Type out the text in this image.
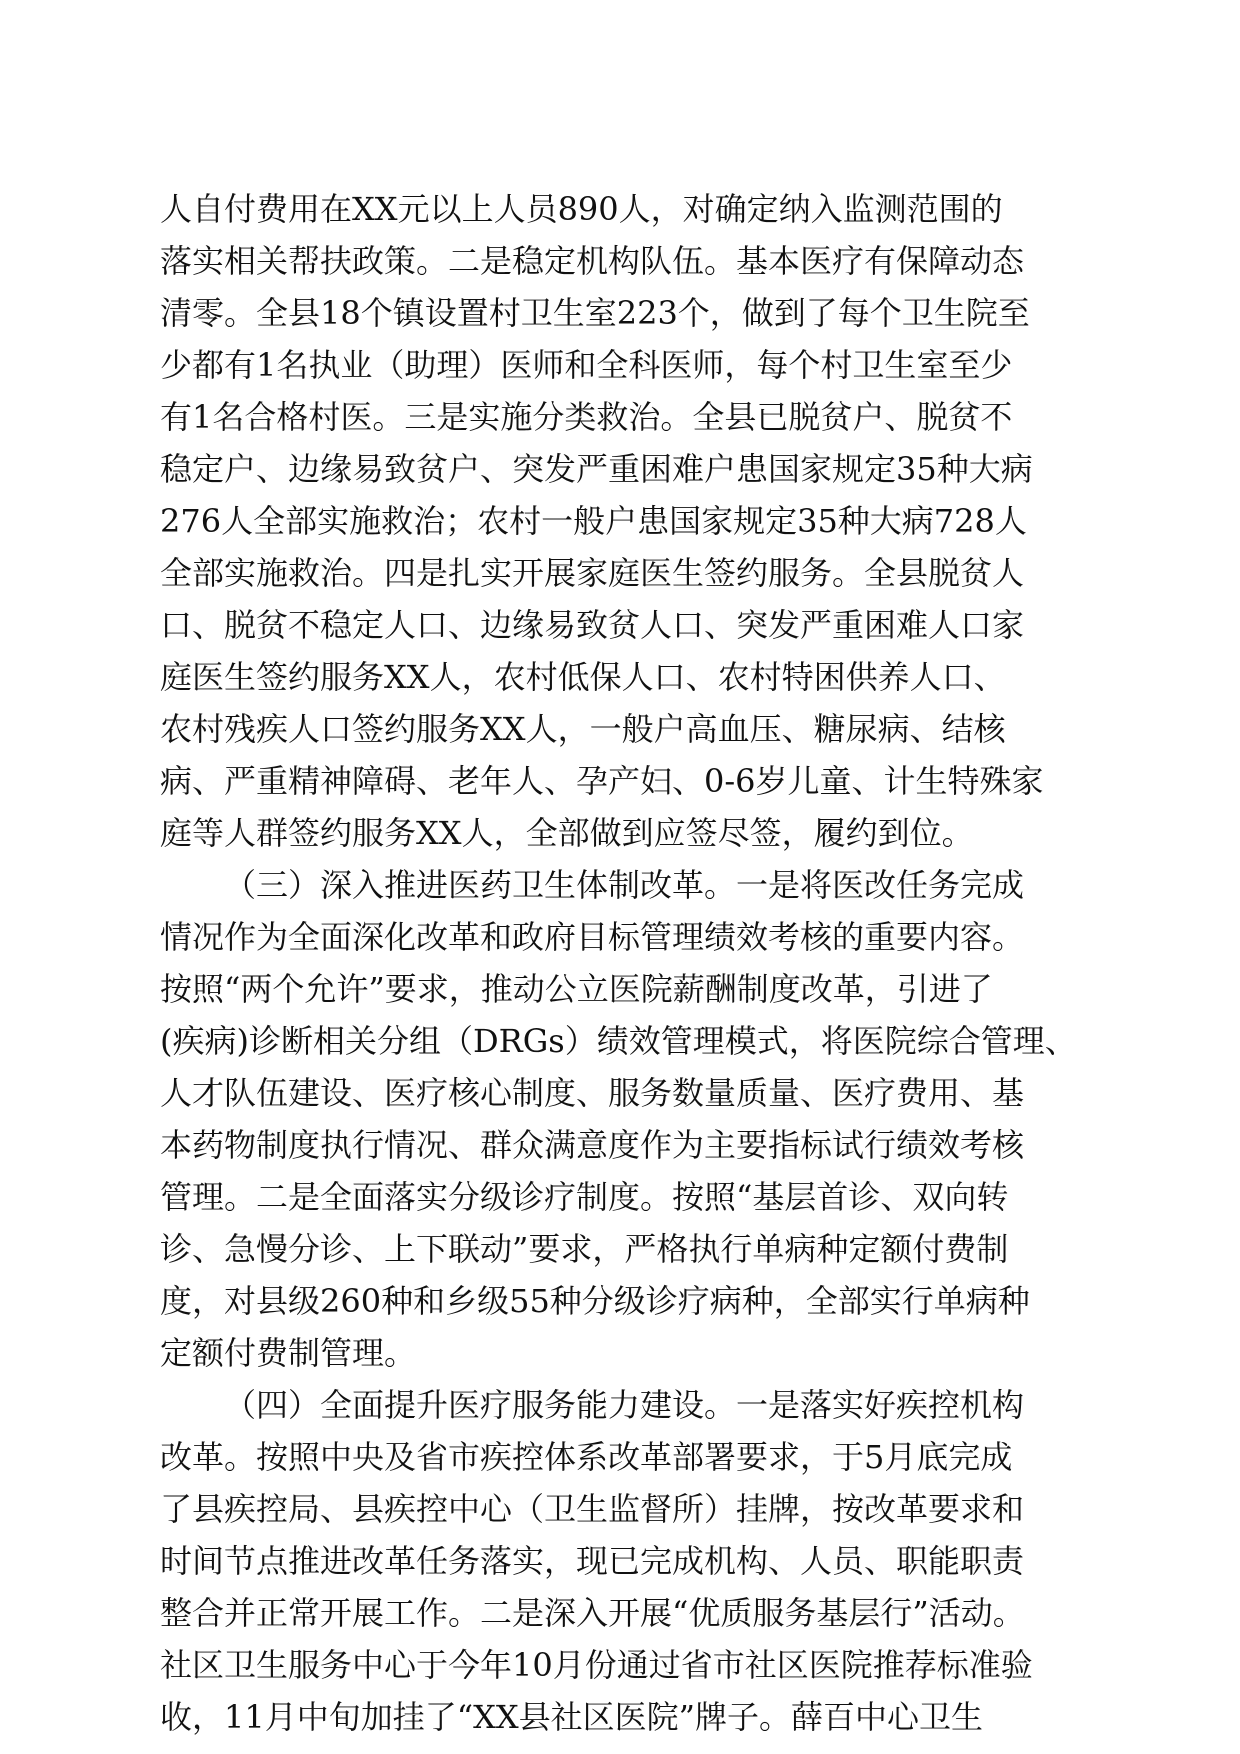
人自付费用在XX元以上人员890人，对确定纳入监测范围的
落实相关帮扶政策。二是稳定机构队伍。基本医疗有保障动态
清零。全县18个镇设置村卫生室223个，做到了每个卫生院至
少都有1名执业（助理）医师和全科医师，每个村卫生室至少
有1名合格村医。三是实施分类救治。全县已脱贫户、脱贫不
稳定户、边缘易致贫户、突发严重困难户患国家规定35种大病
276人全部实施救治；农村一般户患国家规定35种大病728人
全部实施救治。四是扎实开展家庭医生签约服务。全县脱贫人
口、脱贫不稳定人口、边缘易致贫人口、突发严重困难人口家
庭医生签约服务XX人，农村低保人口、农村特困供养人口、
农村残疾人口签约服务XX人，一般户高血压、糖尿病、结核
病、严重精神障碍、老年人、孕产妇、0-6岁儿童、计生特殊家
庭等人群签约服务XX人，全部做到应签尽签，履约到位。
（三）深入推进医药卫生体制改革。一是将医改任务完成
情况作为全面深化改革和政府目标管理绩效考核的重要内容。
按照“两个允许”要求，推动公立医院薪酬制度改革，引进了
(疾病)诊断相关分组（DRGs）绩效管理模式，将医院综合管理、
人才队伍建设、医疗核心制度、服务数量质量、医疗费用、基
本药物制度执行情况、群众满意度作为主要指标试行绩效考核
管理。二是全面落实分级诊疗制度。按照“基层首诊、双向转
诊、急慢分诊、上下联动”要求，严格执行单病种定额付费制
度，对县级260种和乡级55种分级诊疗病种，全部实行单病种
定额付费制管理。
（四）全面提升医疗服务能力建设。一是落实好疾控机构
改革。按照中央及省市疾控体系改革部署要求，于5月底完成
了县疾控局、县疾控中心（卫生监督所）挂牌，按改革要求和
时间节点推进改革任务落实，现已完成机构、人员、职能职责
整合并正常开展工作。二是深入开展“优质服务基层行”活动。
社区卫生服务中心于今年10月份通过省市社区医院推荐标准验
收，11月中旬加挂了“XX县社区医院”牌子。薛百中心卫生
